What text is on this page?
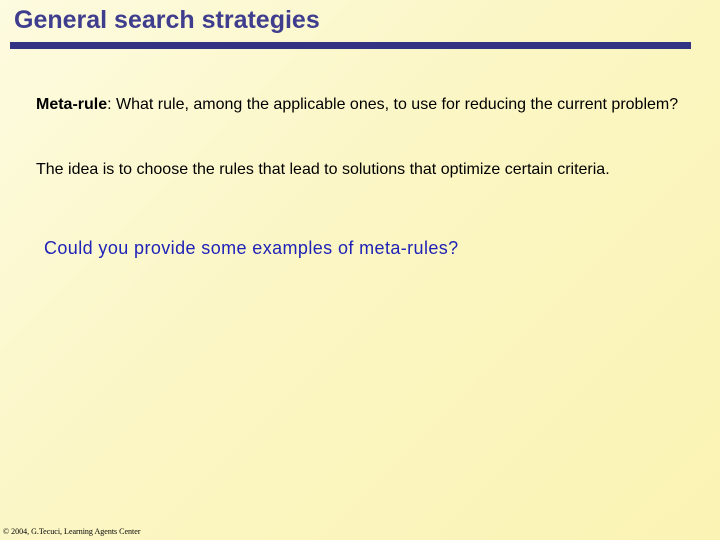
General search strategies
Meta-rule: What rule, among the applicable ones, to use for reducing the current problem?
The idea is to choose the rules that lead to solutions that optimize certain criteria.
Could you provide some examples of meta-rules?
© 2004, G.Tecuci, Learning Agents Center
